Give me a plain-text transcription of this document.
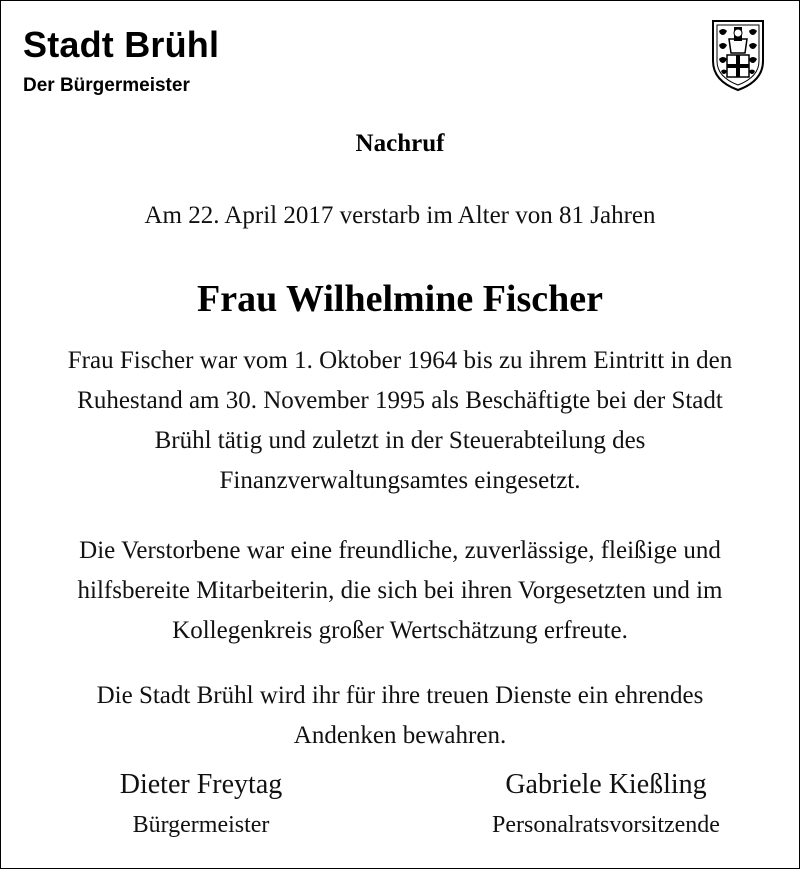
Stadt Brühl
Der Bürgermeister
Nachruf
Am 22. April 2017 verstarb im Alter von 81 Jahren
Frau Wilhelmine Fischer
Frau Fischer war vom 1. Oktober 1964 bis zu ihrem Eintritt in den
Ruhestand am 30. November 1995 als Beschäftigte bei der Stadt
Brühl tätig und zuletzt in der Steuerabteilung des
Finanzverwaltungsamtes eingesetzt.
Die Verstorbene war eine freundliche, zuverlässige, fleißige und
hilfsbereite Mitarbeiterin, die sich bei ihren Vorgesetzten und im
Kollegenkreis großer Wertschätzung erfreute.
Die Stadt Brühl wird ihr für ihre treuen Dienste ein ehrendes
Andenken bewahren.
Dieter Freytag
Bürgermeister
Gabriele Kießling
Personalratsvorsitzende
